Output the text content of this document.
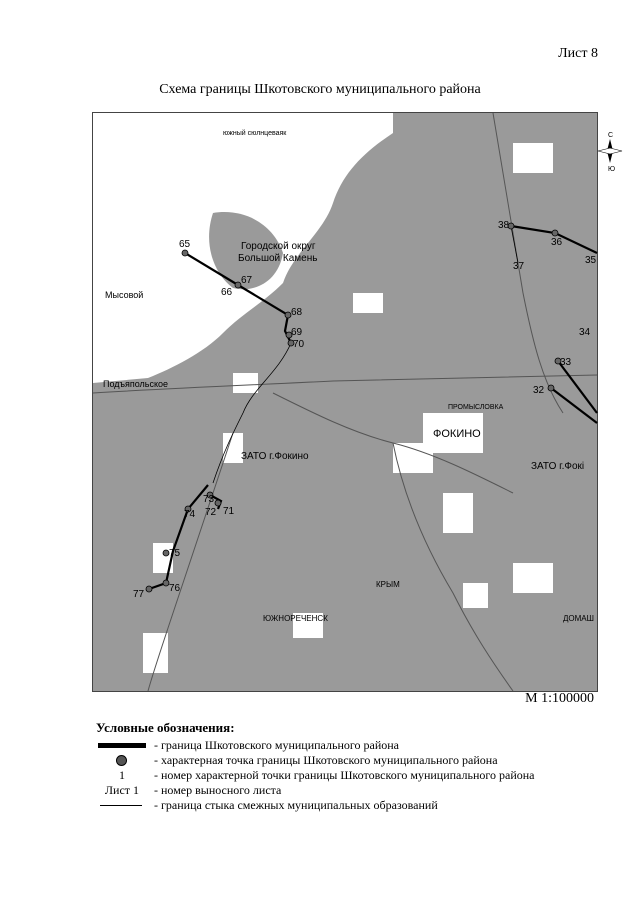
Лист 8
Схема границы Шкотовского муниципального района
65
66
67
68
69
70
71
72
73
74
75
76
77
38
37
36
35
34
33
32
Городской округ
Большой Камень
ЗАТО г.Фокино
ЗАТО г.Фокі
ФОКИНО
ПРОМЫСЛОВКА
Подъяпольское
Мысовой
ЮЖНОРЕЧЕНСК
КРЫМ
ДОМАШ
южный сюлнцеваяк	С
Ю
М 1:100000
Условные обозначения:
- граница Шкотовского муниципального района
- характерная точка границы Шкотовского муниципального района
1	- номер характерной точки границы Шкотовского муниципального района
Лист 1	- номер выносного листа
- граница стыка смежных муниципальных образований
